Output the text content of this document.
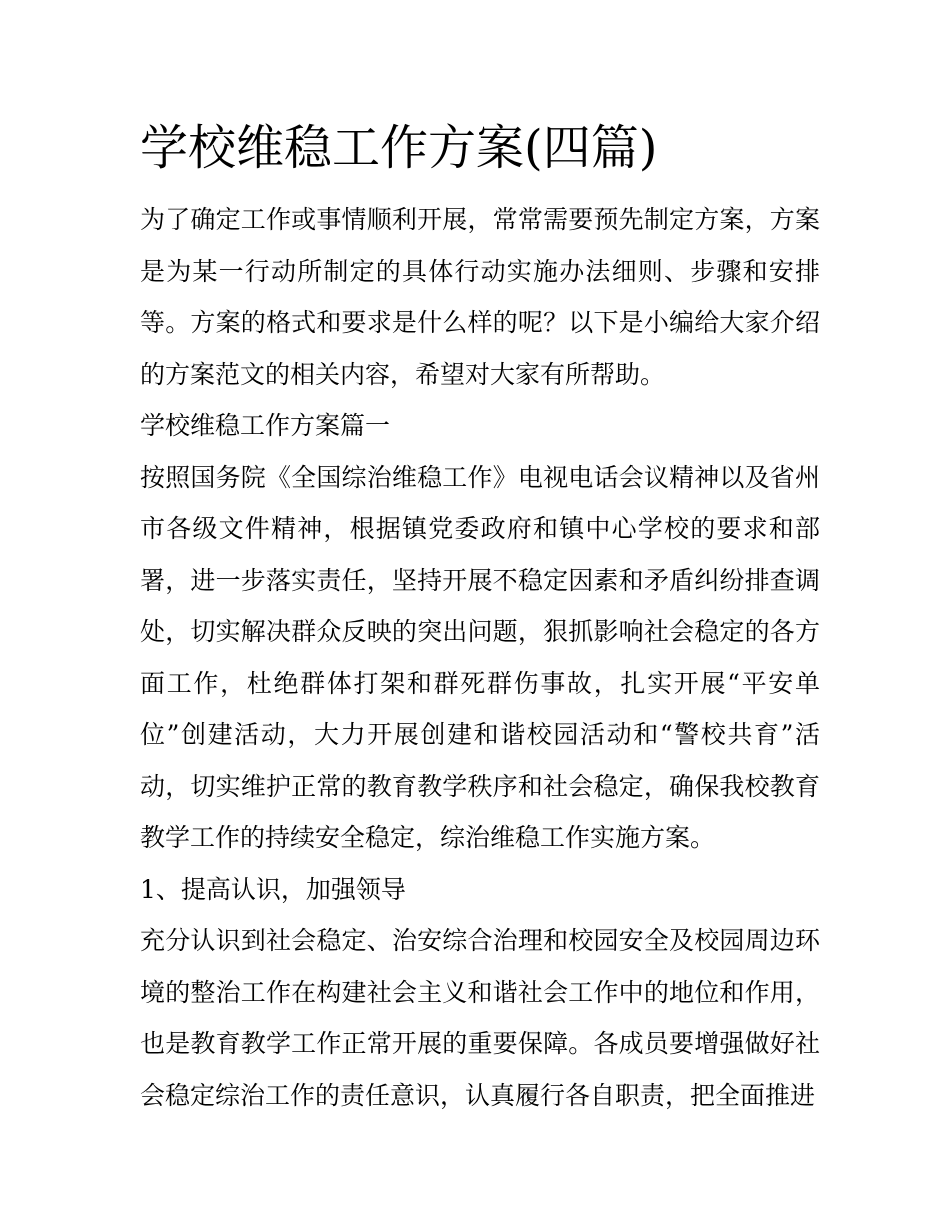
学校维稳工作方案(四篇)

为了确定工作或事情顺利开展，常常需要预先制定方案，方案是为某一行动所制定的具体行动实施办法细则、步骤和安排等。方案的格式和要求是什么样的呢？以下是小编给大家介绍的方案范文的相关内容，希望对大家有所帮助。

学校维稳工作方案篇一

按照国务院《全国综治维稳工作》电视电话会议精神以及省州市各级文件精神，根据镇党委政府和镇中心学校的要求和部署，进一步落实责任，坚持开展不稳定因素和矛盾纠纷排查调处，切实解决群众反映的突出问题，狠抓影响社会稳定的各方面工作，杜绝群体打架和群死群伤事故，扎实开展“平安单位”创建活动，大力开展创建和谐校园活动和“警校共育”活动，切实维护正常的教育教学秩序和社会稳定，确保我校教育教学工作的持续安全稳定，综治维稳工作实施方案。

1、提高认识，加强领导

充分认识到社会稳定、治安综合治理和校园安全及校园周边环境的整治工作在构建社会主义和谐社会工作中的地位和作用，也是教育教学工作正常开展的重要保障。各成员要增强做好社会稳定综治工作的责任意识，认真履行各自职责，把全面推进
